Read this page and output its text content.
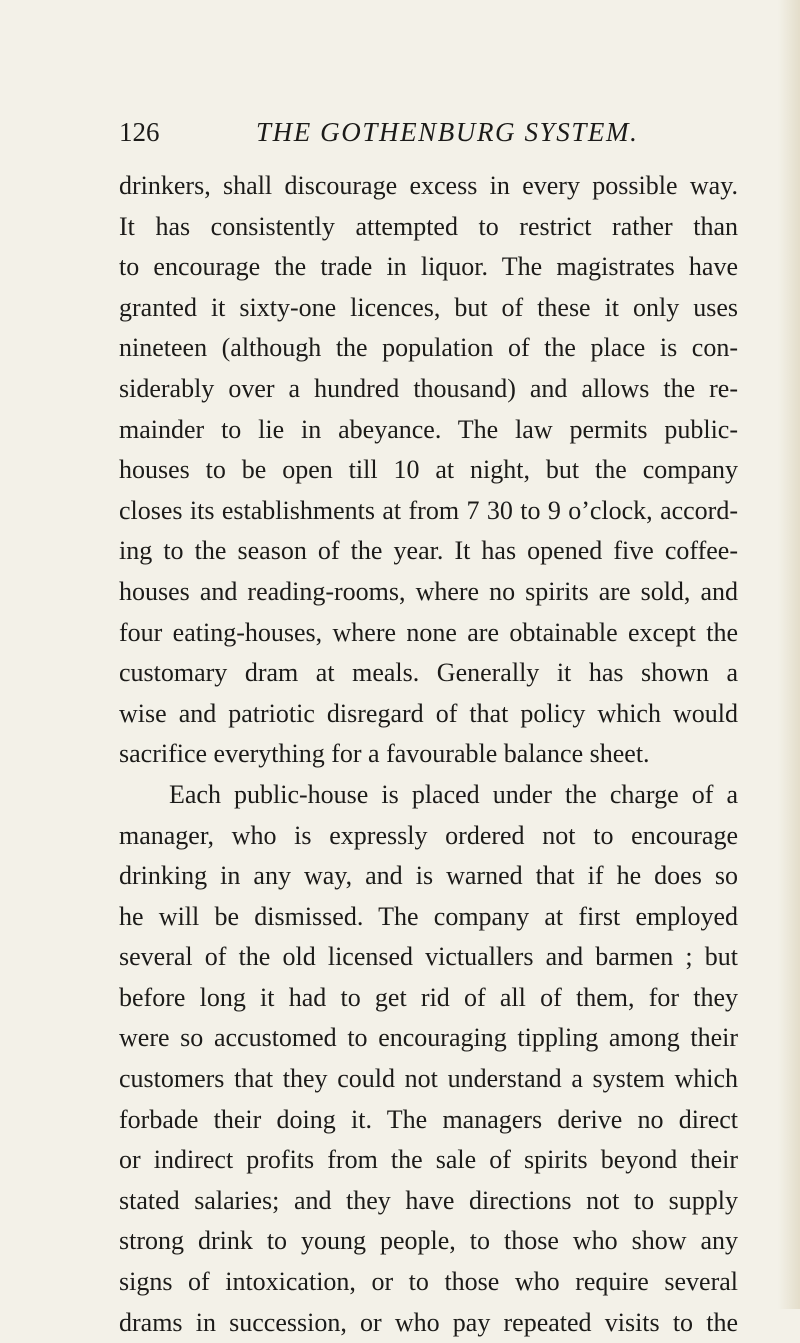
126	THE GOTHENBURG SYSTEM.
drinkers, shall discourage excess in every possible way.
It has consistently attempted to restrict rather than
to encourage the trade in liquor. The magistrates have
granted it sixty-one licences, but of these it only uses
nineteen (although the population of the place is con-
siderably over a hundred thousand) and allows the re-
mainder to lie in abeyance. The law permits public-
houses to be open till 10 at night, but the company
closes its establishments at from 7 30 to 9 o’clock, accord-
ing to the season of the year. It has opened five coffee-
houses and reading-rooms, where no spirits are sold, and
four eating-houses, where none are obtainable except the
customary dram at meals. Generally it has shown a
wise and patriotic disregard of that policy which would
sacrifice everything for a favourable balance sheet.
Each public-house is placed under the charge of a
manager, who is expressly ordered not to encourage
drinking in any way, and is warned that if he does so
he will be dismissed. The company at first employed
several of the old licensed victuallers and barmen ; but
before long it had to get rid of all of them, for they
were so accustomed to encouraging tippling among their
customers that they could not understand a system which
forbade their doing it. The managers derive no direct
or indirect profits from the sale of spirits beyond their
stated salaries; and they have directions not to supply
strong drink to young people, to those who show any
signs of intoxication, or to those who require several
drams in succession, or who pay repeated visits to the
